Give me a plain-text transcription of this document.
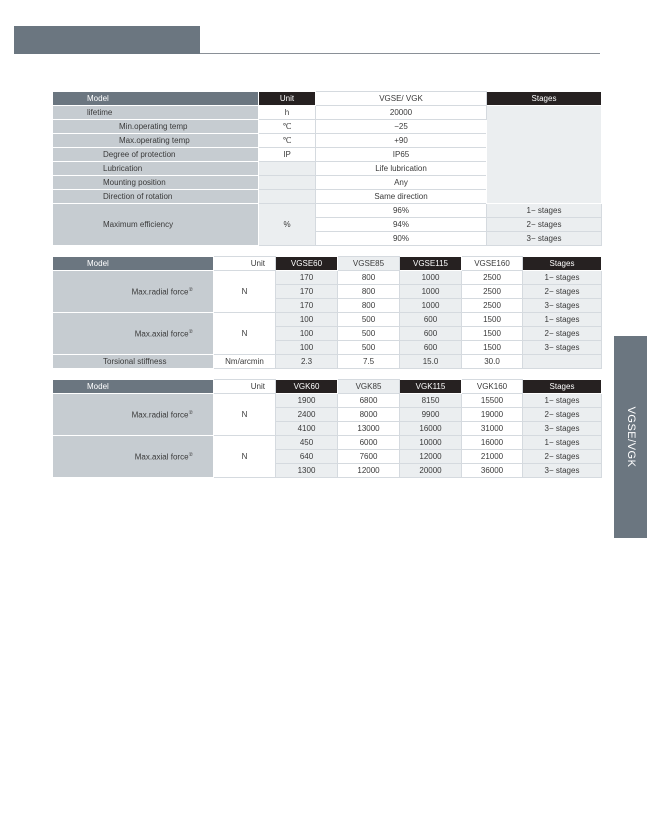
VGSE/VGK
Model	Unit	VGSE/ VGK	Stages
lifetime	h	20000	
Min.operating temp	℃	−25	
Max.operating temp	℃	+90	
Degree of protection	IP	IP65	
Lubrication		Life lubrication	
Mounting position		Any	
Direction of rotation		Same direction	
Maximum efficiency	%	96%	1− stages
		94%	2− stages
		90%	3− stages
Model	Unit	VGSE60	VGSE85	VGSE115	VGSE160	Stages
Max.radial force②	N	170	800	1000	2500	1− stages
		170	800	1000	2500	2− stages
		170	800	1000	2500	3− stages
Max.axial force②	N	100	500	600	1500	1− stages
		100	500	600	1500	2− stages
		100	500	600	1500	3− stages
Torsional stiffness	Nm/arcmin	2.3	7.5	15.0	30.0	
Model	Unit	VGK60	VGK85	VGK115	VGK160	Stages
Max.radial force②	N	1900	6800	8150	15500	1− stages
		2400	8000	9900	19000	2− stages
		4100	13000	16000	31000	3− stages
Max.axial force②	N	450	6000	10000	16000	1− stages
		640	7600	12000	21000	2− stages
		1300	12000	20000	36000	3− stages
